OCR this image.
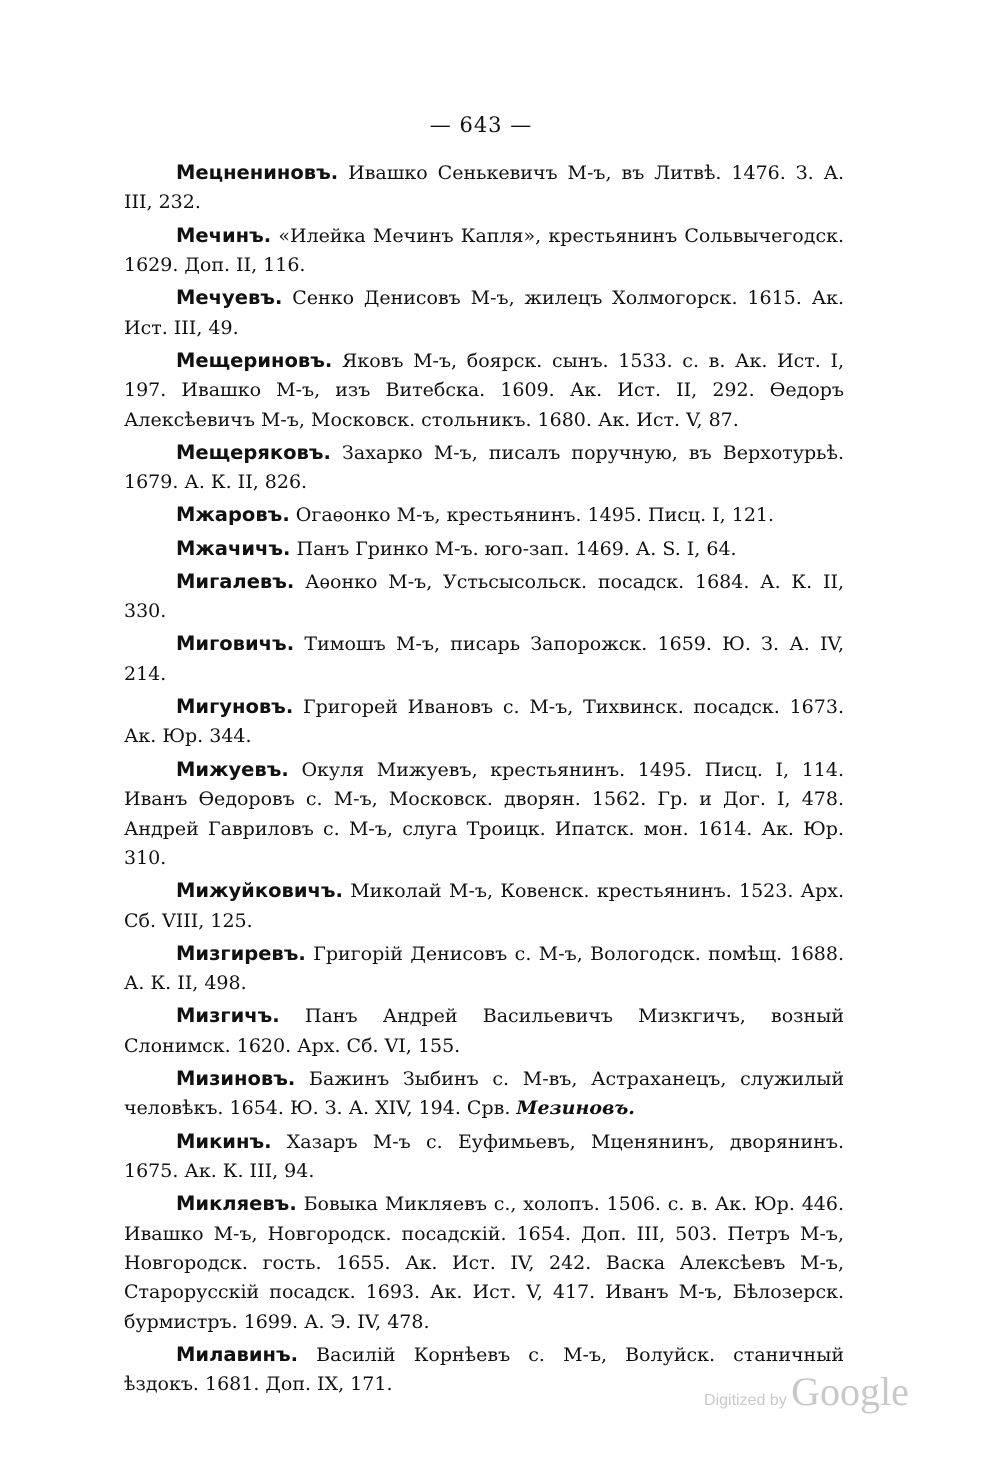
— 643 —

Мецнениновъ. Ивашко Сенькевичъ М-ъ, въ Литвѣ. 1476. З. А. III, 232.

Мечинъ. «Илейка Мечинъ Капля», крестьянинъ Сольвычегодск. 1629. Доп. II, 116.

Мечуевъ. Сенко Денисовъ М-ъ, жилецъ Холмогорск. 1615. Ак. Ист. III, 49.

Мещериновъ. Яковъ М-ъ, боярск. сынъ. 1533. с. в. Ак. Ист. I, 197. Ивашко М-ъ, изъ Витебска. 1609. Ак. Ист. II, 292. Ѳедоръ Алексѣевичъ М-ъ, Московск. стольникъ. 1680. Ак. Ист. V, 87.

Мещеряковъ. Захарко М-ъ, писалъ поручную, въ Верхотурьѣ. 1679. А. К. II, 826.

Мжаровъ. Огаѳонко М-ъ, крестьянинъ. 1495. Писц. I, 121.

Мжачичъ. Панъ Гринко М-ъ. юго-зап. 1469. А. S. I, 64.

Мигалевъ. Аѳонко М-ъ, Устьсысольск. посадск. 1684. А. К. II, 330.

Миговичъ. Тимошъ М-ъ, писарь Запорожск. 1659. Ю. З. А. IV, 214.

Мигуновъ. Григорей Ивановъ с. М-ъ, Тихвинск. посадск. 1673. Ак. Юр. 344.

Мижуевъ. Окуля Мижуевъ, крестьянинъ. 1495. Писц. I, 114. Иванъ Ѳедоровъ с. М-ъ, Московск. дворян. 1562. Гр. и Дог. I, 478. Андрей Гавриловъ с. М-ъ, слуга Троицк. Ипатск. мон. 1614. Ак. Юр. 310.

Мижуйковичъ. Миколай М-ъ, Ковенск. крестьянинъ. 1523. Арх. Сб. VIII, 125.

Мизгиревъ. Григорій Денисовъ с. М-ъ, Вологодск. помѣщ. 1688. А. К. II, 498.

Мизгичъ. Панъ Андрей Васильевичъ Мизкгичъ, возный Слонимск. 1620. Арх. Сб. VI, 155.

Мизиновъ. Бажинъ Зыбинъ с. М-въ, Астраханецъ, служилый человѣкъ. 1654. Ю. З. А. XIV, 194. Срв. Мезиновъ.

Микинъ. Хазаръ М-ъ с. Еуфимьевъ, Мценянинъ, дворянинъ. 1675. Ак. К. III, 94.

Микляевъ. Бовыка Микляевъ с., холопъ. 1506. с. в. Ак. Юр. 446. Ивашко М-ъ, Новгородск. посадскій. 1654. Доп. III, 503. Петръ М-ъ, Новгородск. гость. 1655. Ак. Ист. IV, 242. Васка Алексѣевъ М-ъ, Старорусскій посадск. 1693. Ак. Ист. V, 417. Иванъ М-ъ, Бѣлозерск. бурмистръ. 1699. А. Э. IV, 478.

Милавинъ. Василій Корнѣевъ с. М-ъ, Волуйск. станичный ѣздокъ. 1681. Доп. IX, 171.

Digitized by Google
